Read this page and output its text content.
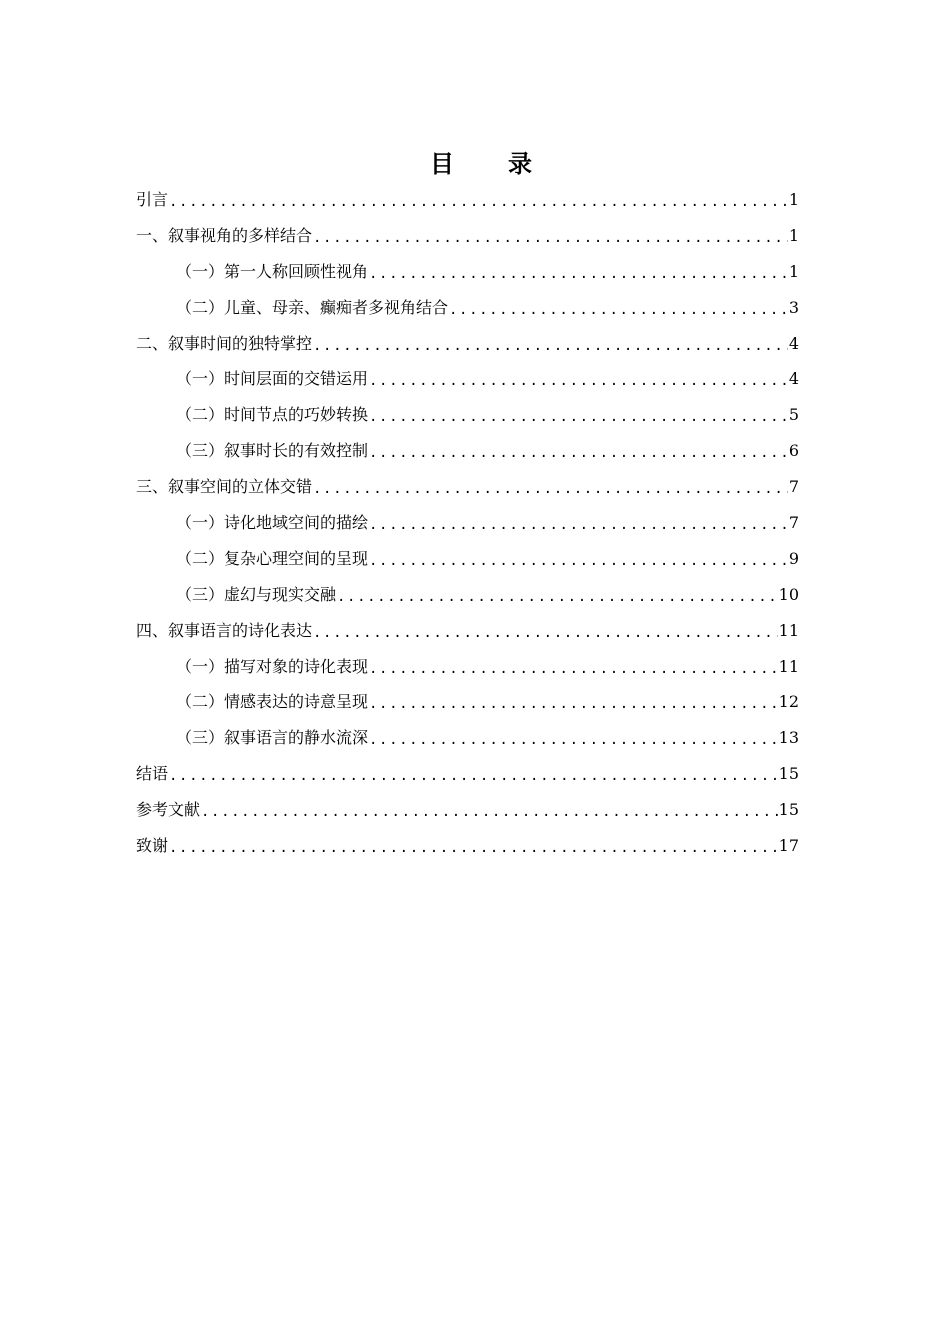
目 录
引言 .....	1
一、叙事视角的多样结合 .....	1
（一）第一人称回顾性视角 .....	1
（二）儿童、母亲、癫痴者多视角结合 .....	3
二、叙事时间的独特掌控 .....	4
（一）时间层面的交错运用 .....	4
（二）时间节点的巧妙转换 .....	5
（三）叙事时长的有效控制 .....	6
三、叙事空间的立体交错 .....	7
（一）诗化地域空间的描绘 .....	7
（二）复杂心理空间的呈现 .....	9
（三）虚幻与现实交融 .....	10
四、叙事语言的诗化表达 .....	11
（一）描写对象的诗化表现 .....	11
（二）情感表达的诗意呈现 .....	12
（三）叙事语言的静水流深 .....	13
结语 .....	15
参考文献 .....	15
致谢 .....	17
